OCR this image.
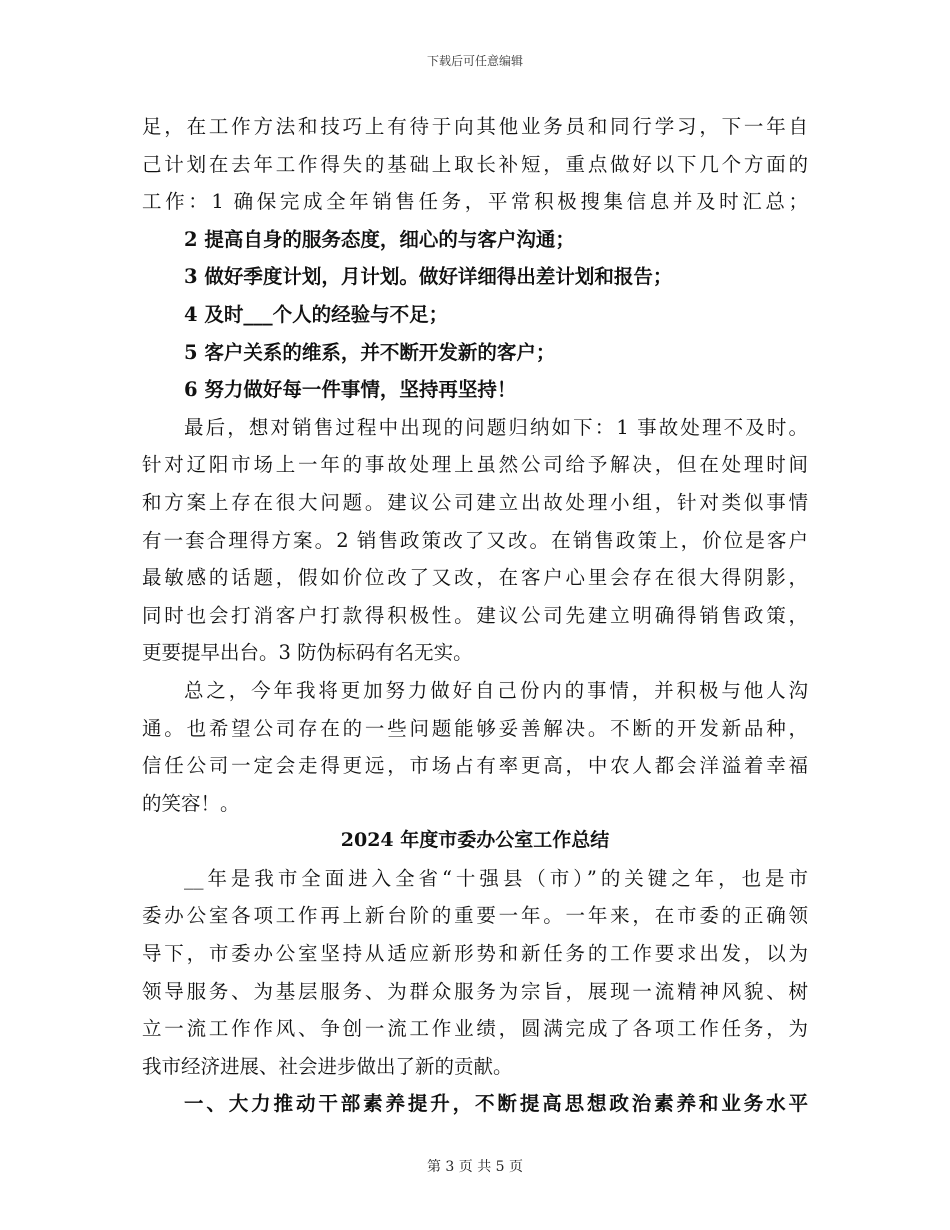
下载后可任意编辑
足，在工作方法和技巧上有待于向其他业务员和同行学习，下一年自
己计划在去年工作得失的基础上取长补短，重点做好以下几个方面的
工作：1 确保完成全年销售任务，平常积极搜集信息并及时汇总；
2 提高自身的服务态度，细心的与客户沟通；
3 做好季度计划，月计划。做好详细得出差计划和报告；
4 及时___个人的经验与不足；
5 客户关系的维系，并不断开发新的客户；
6 努力做好每一件事情，坚持再坚持！
最后，想对销售过程中出现的问题归纳如下：1 事故处理不及时。
针对辽阳市场上一年的事故处理上虽然公司给予解决，但在处理时间
和方案上存在很大问题。建议公司建立出故处理小组，针对类似事情
有一套合理得方案。2 销售政策改了又改。在销售政策上，价位是客户
最敏感的话题，假如价位改了又改，在客户心里会存在很大得阴影，
同时也会打消客户打款得积极性。建议公司先建立明确得销售政策，
更要提早出台。3 防伪标码有名无实。
总之，今年我将更加努力做好自己份内的事情，并积极与他人沟
通。也希望公司存在的一些问题能够妥善解决。不断的开发新品种，
信任公司一定会走得更远，市场占有率更高，中农人都会洋溢着幸福
的笑容！。
2024 年度市委办公室工作总结
__年是我市全面进入全省“十强县（市）”的关键之年，也是市
委办公室各项工作再上新台阶的重要一年。一年来，在市委的正确领
导下，市委办公室坚持从适应新形势和新任务的工作要求出发，以为
领导服务、为基层服务、为群众服务为宗旨，展现一流精神风貌、树
立一流工作作风、争创一流工作业绩，圆满完成了各项工作任务，为
我市经济进展、社会进步做出了新的贡献。
一、大力推动干部素养提升，不断提高思想政治素养和业务水平
第 3 页 共 5 页
